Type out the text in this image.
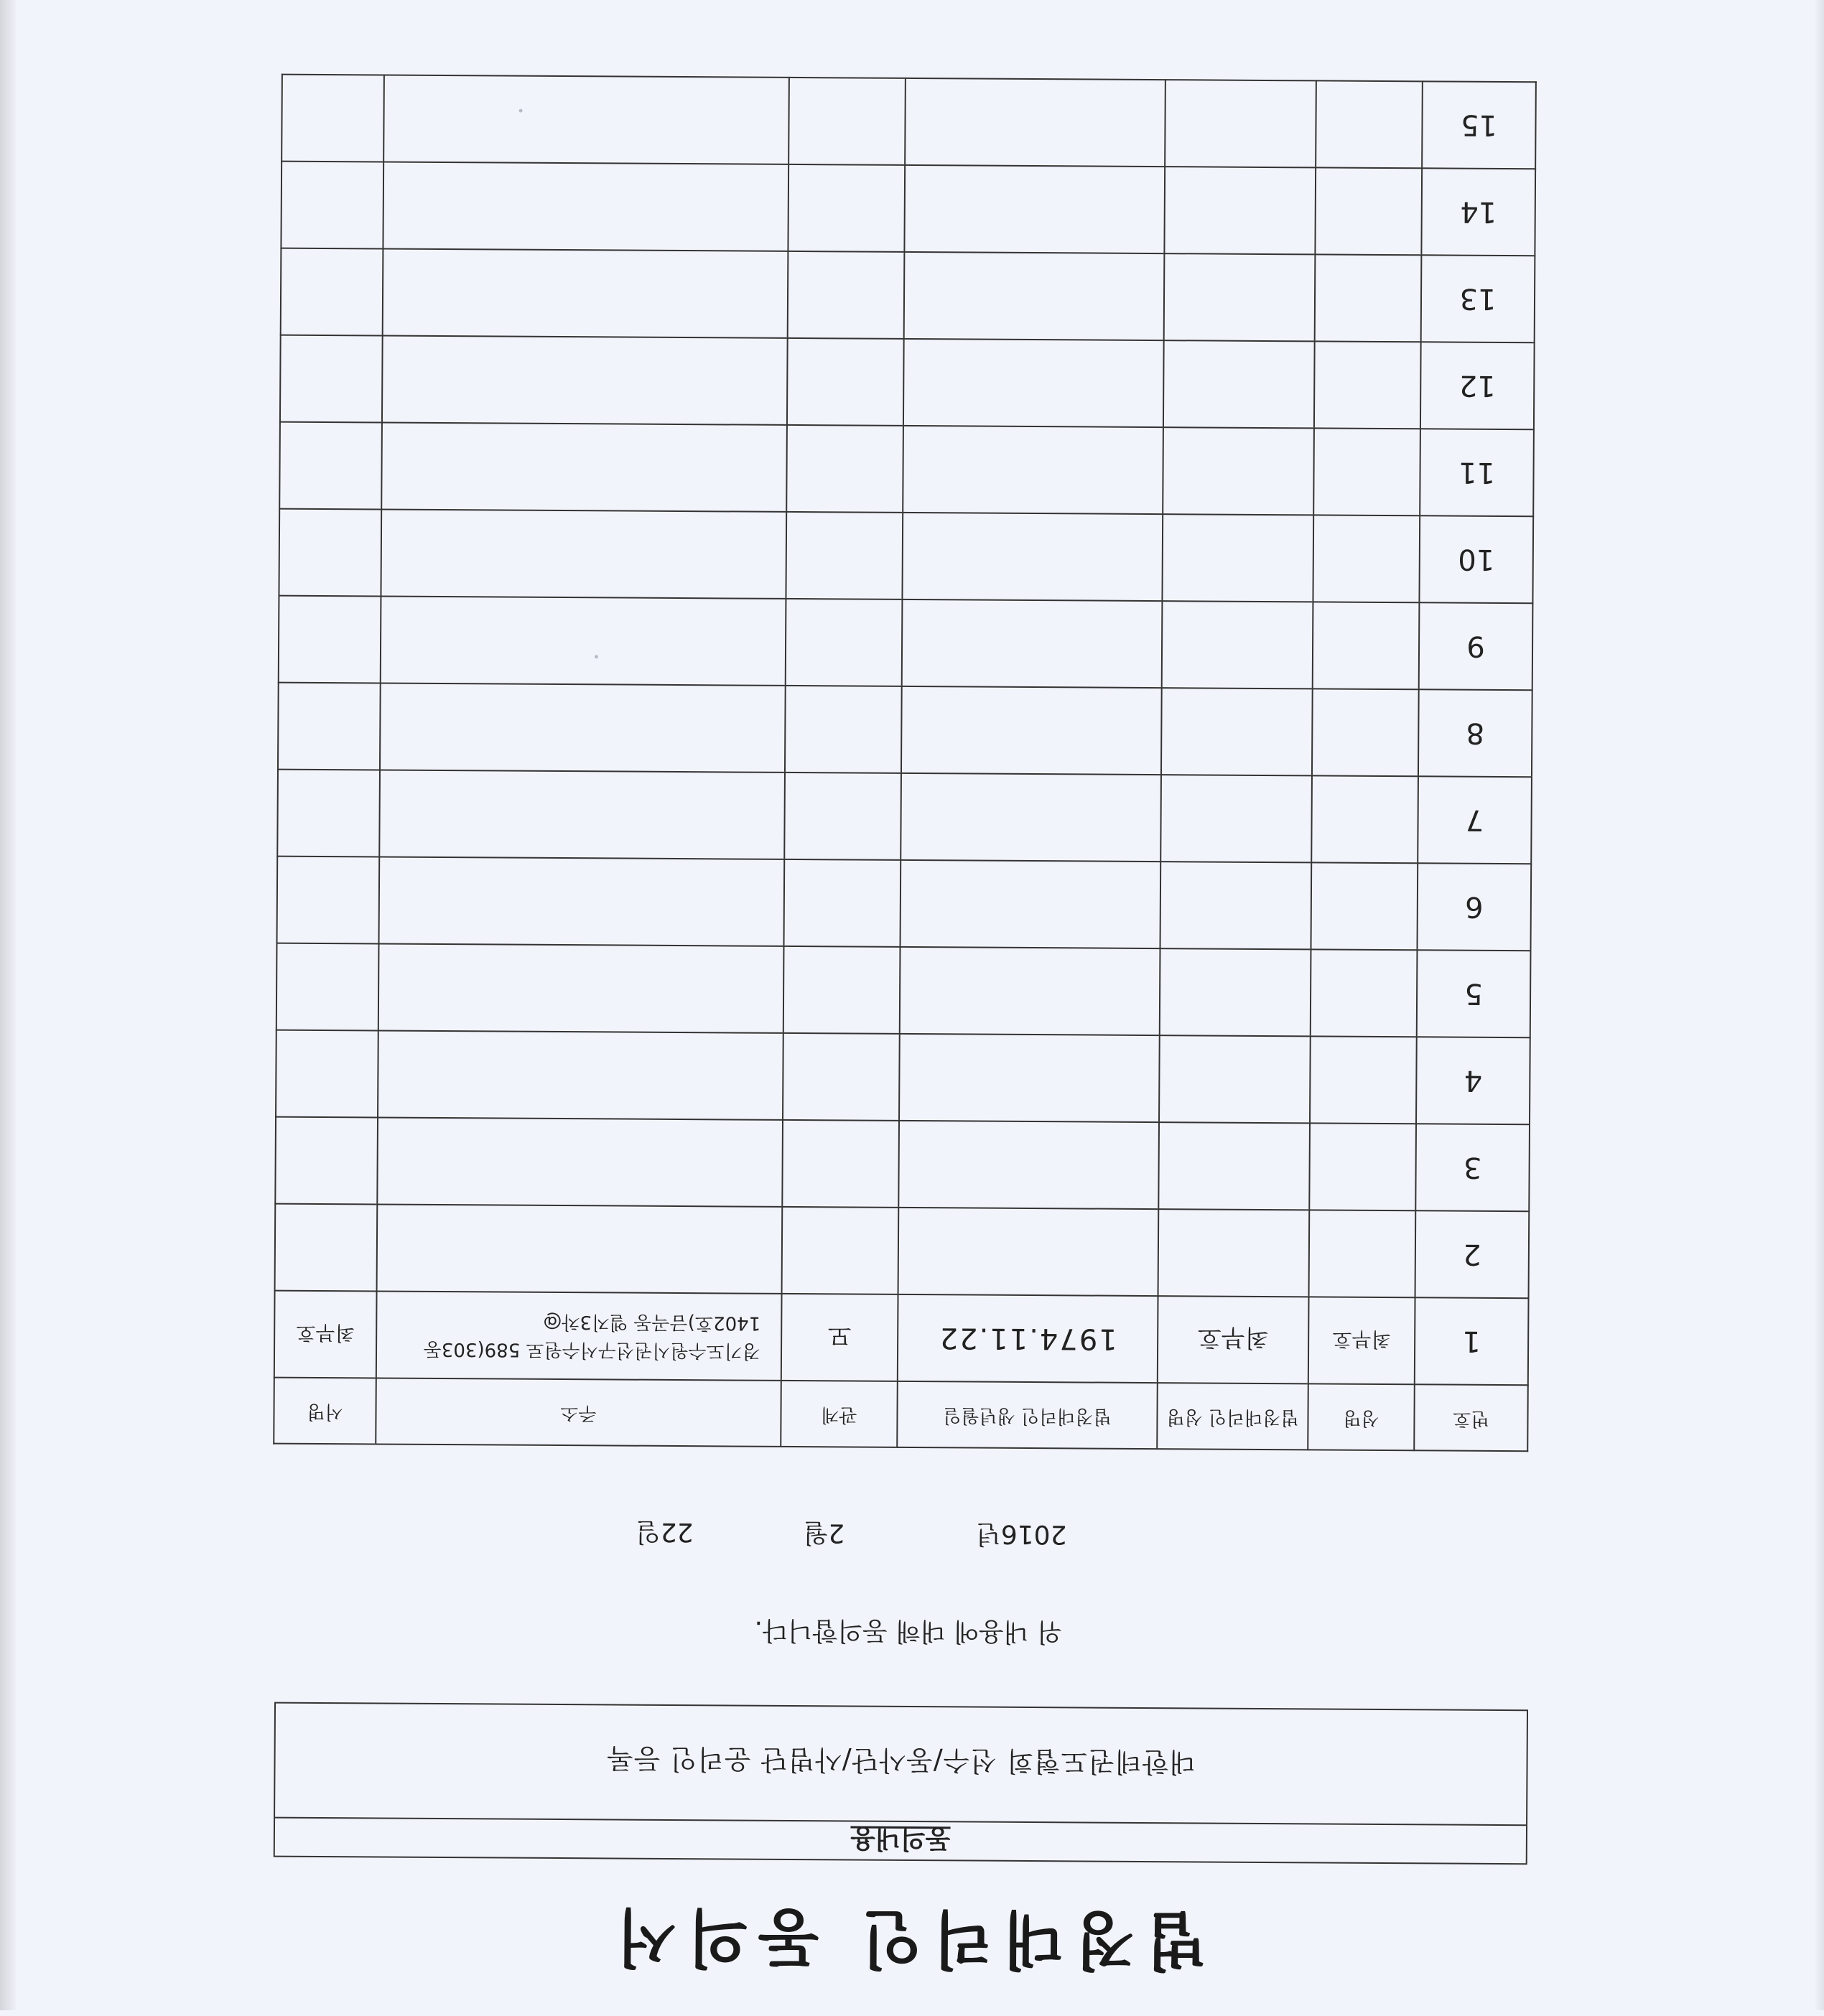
법정대리인 동의서
동의내용
대한테권도협회 선수/동사단/사범단 운리인 등록
위 내용에 대해 동의합니다.
2016년  2월  22일
번호	성명	법정대리인 성명	법정대리인 생년월일	관계	주소	서명
1	최부호	최부호	1974.11.22	모	경기도수원시권선구서수원로 589(303동 1402호)금곡동 엘지3차@	최부호
2						
3						
4						
5						
6						
7						
8						
9						
10						
11						
12						
13						
14						
15						
